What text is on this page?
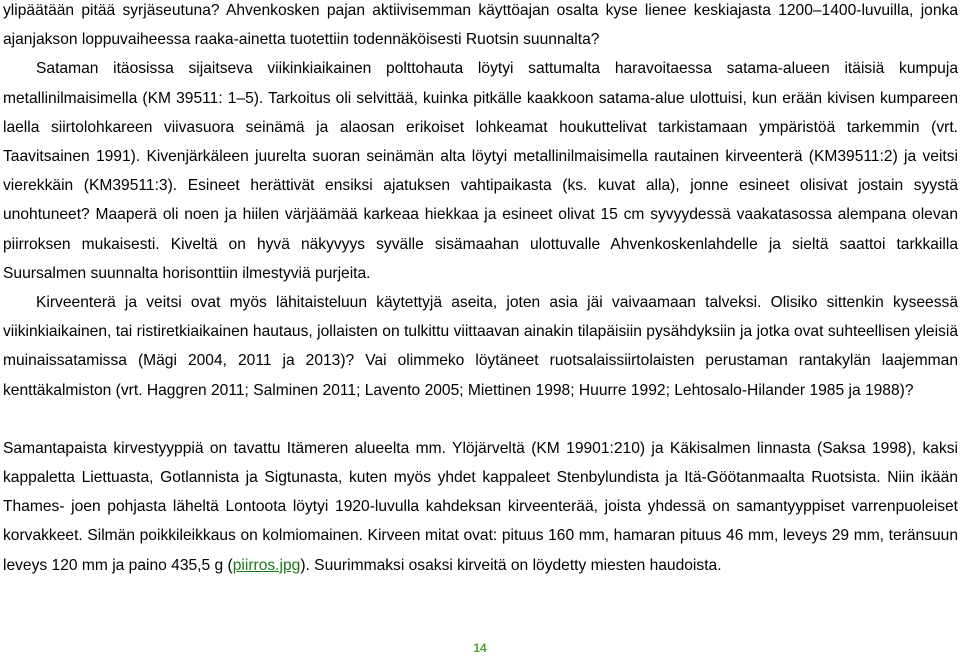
ylipäätään pitää syrjäseutuna? Ahvenkosken pajan aktiivisemman käyttöajan osalta kyse lienee keskiajasta 1200–1400-luvuilla, jonka ajanjakson loppuvaiheessa raaka-ainetta tuotettiin todennäköisesti Ruotsin suunnalta?

Sataman itäosissa sijaitseva viikinkiaikainen polttohauta löytyi sattumalta haravoitaessa satama-alueen itäisiä kumpuja metallinilmaisimella (KM 39511: 1–5). Tarkoitus oli selvittää, kuinka pitkälle kaakkoon satama-alue ulottuisi, kun erään kivisen kumpareen laella siirtolohkareen viivasuora seinämä ja alaosan erikoiset lohkeamat houkuttelivat tarkistamaan ympäristöä tarkemmin (vrt. Taavitsainen 1991). Kivenjärkäleen juurelta suoran seinämän alta löytyi metallinilmaisimella rautainen kirveenterä (KM39511:2) ja veitsi vierekkäin (KM39511:3). Esineet herättivät ensiksi ajatuksen vahtipaikasta (ks. kuvat alla), jonne esineet olisivat jostain syystä unohtuneet? Maaperä oli noen ja hiilen värjäämää karkeaa hiekkaa ja esineet olivat 15 cm syvyydessä vaakatasossa alempana olevan piirroksen mukaisesti. Kiveltä on hyvä näkyvyys syvälle sisämaahan ulottuvalle Ahvenkoskenlahdelle ja sieltä saattoi tarkkailla Suursalmen suunnalta horisonttiin ilmestyviä purjeita.

Kirveenterä ja veitsi ovat myös lähitaisteluun käytettyjä aseita, joten asia jäi vaivaamaan talveksi. Olisiko sittenkin kyseessä viikinkiaikainen, tai ristiretkiaikainen hautaus, jollaisten on tulkittu viittaavan ainakin tilapäisiin pysähdyksiin ja jotka ovat suhteellisen yleisiä muinaissatamissa (Mägi 2004, 2011 ja 2013)? Vai olimmeko löytäneet ruotsalaissiirtolaisten perustaman rantakylän laajemman kenttäkalmiston (vrt. Haggren 2011; Salminen 2011; Lavento 2005; Miettinen 1998; Huurre 1992; Lehtosalo-Hilander 1985 ja 1988)?

Samantapaista kirvestyyppiä on tavattu Itämeren alueelta mm. Ylöjärveltä (KM 19901:210) ja Käkisalmen linnasta (Saksa 1998), kaksi kappaletta Liettuasta, Gotlannista ja Sigtunasta, kuten myös yhdet kappaleet Stenbylundista ja Itä-Göötanmaalta Ruotsista. Niin ikään Thames- joen pohjasta läheltä Lontoota löytyi 1920-luvulla kahdeksan kirveenterää, joista yhdessä on samantyyppiset varrenpuoleiset korvakkeet. Silmän poikkileikkaus on kolmiomainen. Kirveen mitat ovat: pituus 160 mm, hamaran pituus 46 mm, leveys 29 mm, teränsuun leveys 120 mm ja paino 435,5 g (piirros.jpg). Suurimmaksi osaksi kirveitä on löydetty miesten haudoista.

14
